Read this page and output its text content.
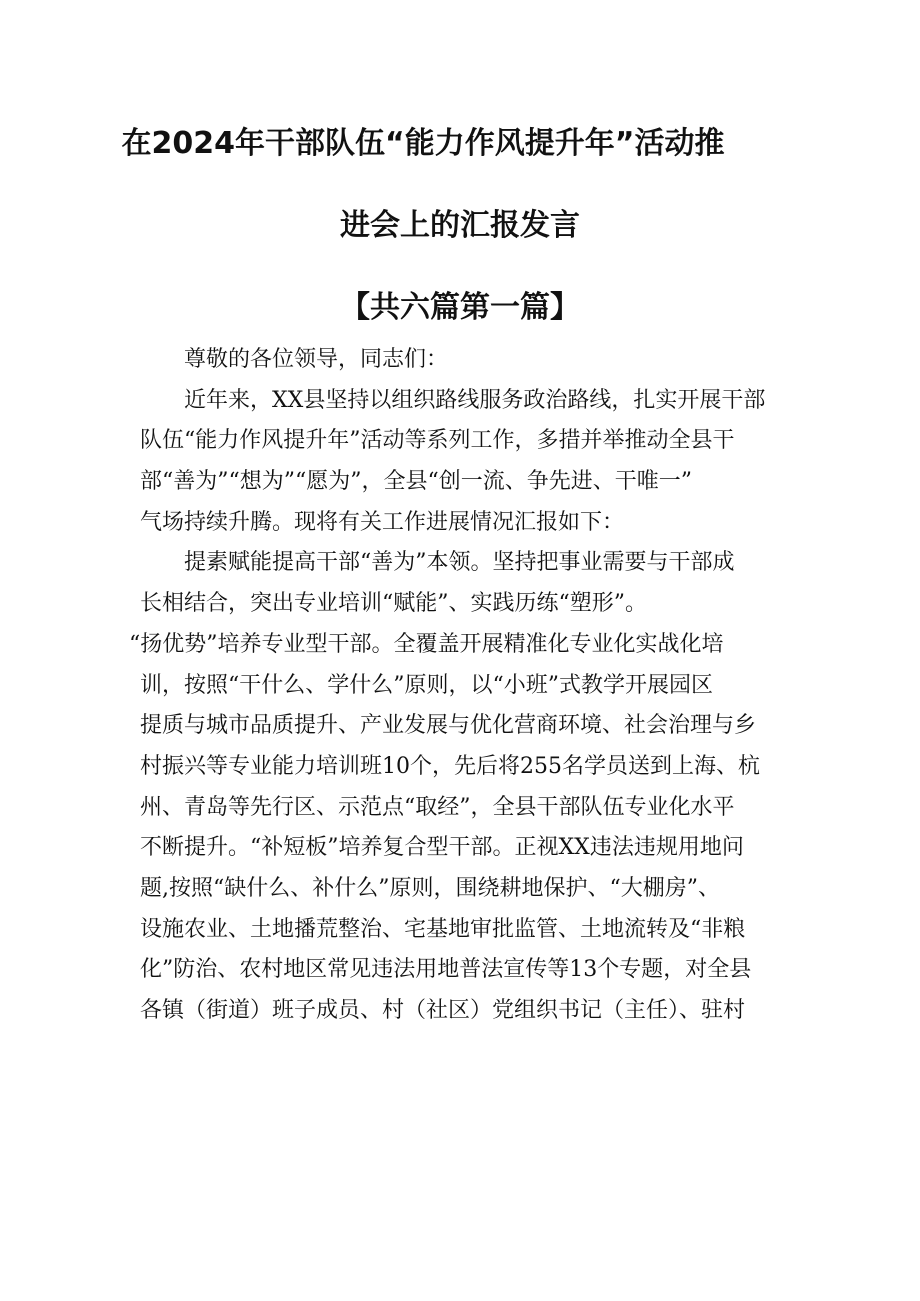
在2024年干部队伍“能力作风提升年”活动推
进会上的汇报发言
【共六篇第一篇】
尊敬的各位领导，同志们：
近年来，XX县坚持以组织路线服务政治路线，扎实开展干部
队伍“能力作风提升年”活动等系列工作，多措并举推动全县干
部“善为”“想为”“愿为”，全县“创一流、争先进、干唯一”
气场持续升腾。现将有关工作进展情况汇报如下：
提素赋能提高干部“善为”本领。坚持把事业需要与干部成
长相结合，突出专业培训“赋能”、实践历练“塑形”。
“扬优势”培养专业型干部。全覆盖开展精准化专业化实战化培
训，按照“干什么、学什么”原则，以“小班”式教学开展园区
提质与城市品质提升、产业发展与优化营商环境、社会治理与乡
村振兴等专业能力培训班10个，先后将255名学员送到上海、杭
州、青岛等先行区、示范点“取经”，全县干部队伍专业化水平
不断提升。“补短板”培养复合型干部。正视XX违法违规用地问
题,按照“缺什么、补什么”原则，围绕耕地保护、“大棚房”、
设施农业、土地播荒整治、宅基地审批监管、土地流转及“非粮
化”防治、农村地区常见违法用地普法宣传等13个专题，对全县
各镇（街道）班子成员、村（社区）党组织书记（主任）、驻村
